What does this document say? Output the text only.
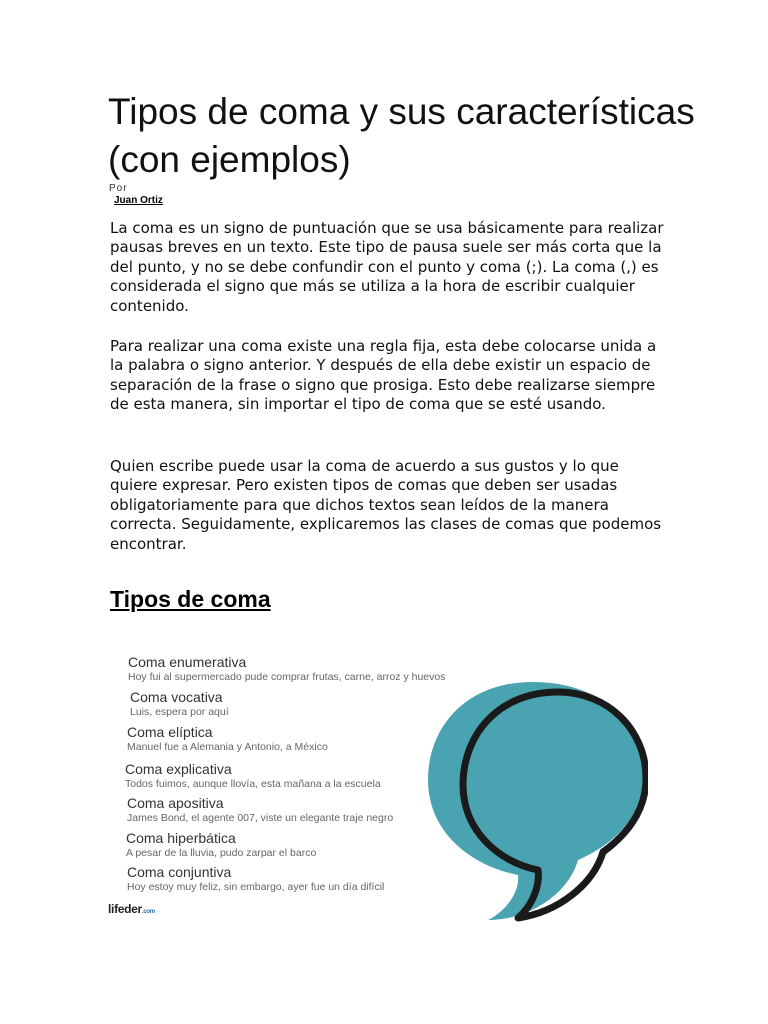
Tipos de coma y sus características (con ejemplos)
Por
Juan Ortiz

La coma es un signo de puntuación que se usa básicamente para realizar pausas breves en un texto. Este tipo de pausa suele ser más corta que la del punto, y no se debe confundir con el punto y coma (;). La coma (,) es considerada el signo que más se utiliza a la hora de escribir cualquier contenido.

Para realizar una coma existe una regla fija, esta debe colocarse unida a la palabra o signo anterior. Y después de ella debe existir un espacio de separación de la frase o signo que prosiga. Esto debe realizarse siempre de esta manera, sin importar el tipo de coma que se esté usando.

Quien escribe puede usar la coma de acuerdo a sus gustos y lo que quiere expresar. Pero existen tipos de comas que deben ser usadas obligatoriamente para que dichos textos sean leídos de la manera correcta. Seguidamente, explicaremos las clases de comas que podemos encontrar.

Tipos de coma
Coma enumerativa
Hoy fui al supermercado pude comprar frutas, carne, arroz y huevos
Coma vocativa
Luis, espera por aquí
Coma elíptica
Manuel fue a Alemania y Antonio, a México
Coma explicativa
Todos fuimos, aunque llovía, esta mañana a la escuela
Coma apositiva
James Bond, el agente 007, viste un elegante traje negro
Coma hiperbática
A pesar de la lluvia, pudo zarpar el barco
Coma conjuntiva
Hoy estoy muy feliz, sin embargo, ayer fue un día difícil
lifeder.com
